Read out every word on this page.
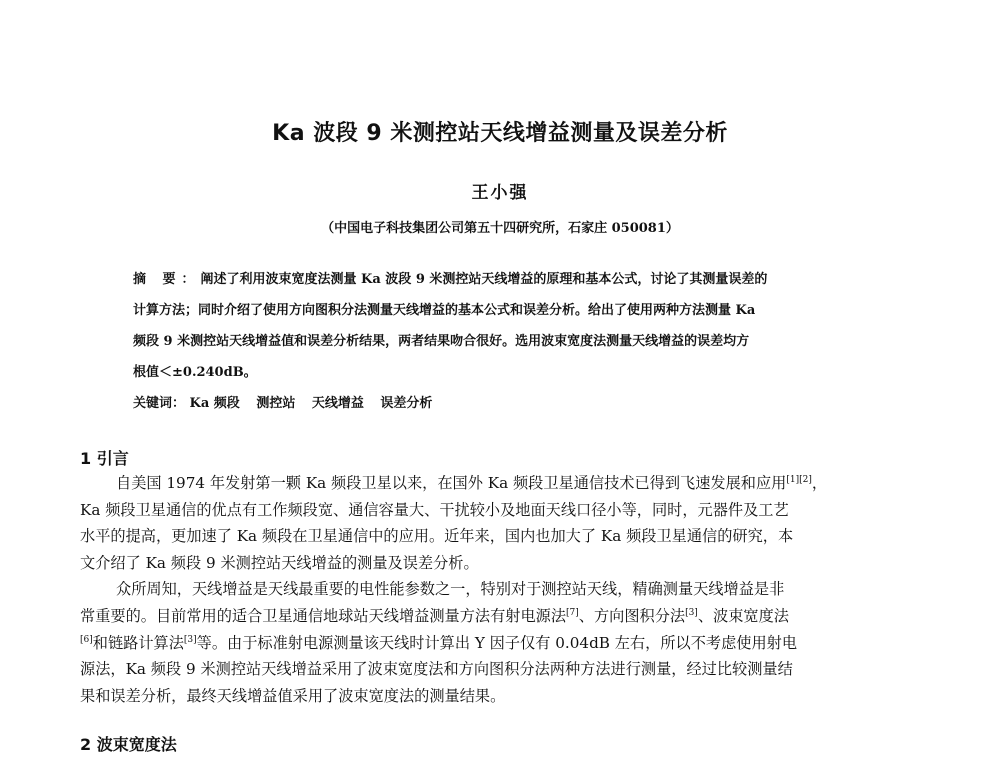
Ka 波段 9 米测控站天线增益测量及误差分析
王小强
（中国电子科技集团公司第五十四研究所，石家庄 050081）
摘 要：阐述了利用波束宽度法测量 Ka 波段 9 米测控站天线增益的原理和基本公式，讨论了其测量误差的
计算方法；同时介绍了使用方向图积分法测量天线增益的基本公式和误差分析。给出了使用两种方法测量 Ka
频段 9 米测控站天线增益值和误差分析结果，两者结果吻合很好。选用波束宽度法测量天线增益的误差均方
根值＜±0.240dB。
关键词： Ka 频段 测控站 天线增益 误差分析
1 引言
自美国 1974 年发射第一颗 Ka 频段卫星以来，在国外 Ka 频段卫星通信技术已得到飞速发展和应用[1][2]，
Ka 频段卫星通信的优点有工作频段宽、通信容量大、干扰较小及地面天线口径小等，同时，元器件及工艺
水平的提高，更加速了 Ka 频段在卫星通信中的应用。近年来，国内也加大了 Ka 频段卫星通信的研究，本
文介绍了 Ka 频段 9 米测控站天线增益的测量及误差分析。
众所周知，天线增益是天线最重要的电性能参数之一，特别对于测控站天线，精确测量天线增益是非
常重要的。目前常用的适合卫星通信地球站天线增益测量方法有射电源法[7]、方向图积分法[3]、波束宽度法
[6]和链路计算法[3]等。由于标准射电源测量该天线时计算出 Y 因子仅有 0.04dB 左右，所以不考虑使用射电
源法，Ka 频段 9 米测控站天线增益采用了波束宽度法和方向图积分法两种方法进行测量，经过比较测量结
果和误差分析，最终天线增益值采用了波束宽度法的测量结果。
2 波束宽度法
